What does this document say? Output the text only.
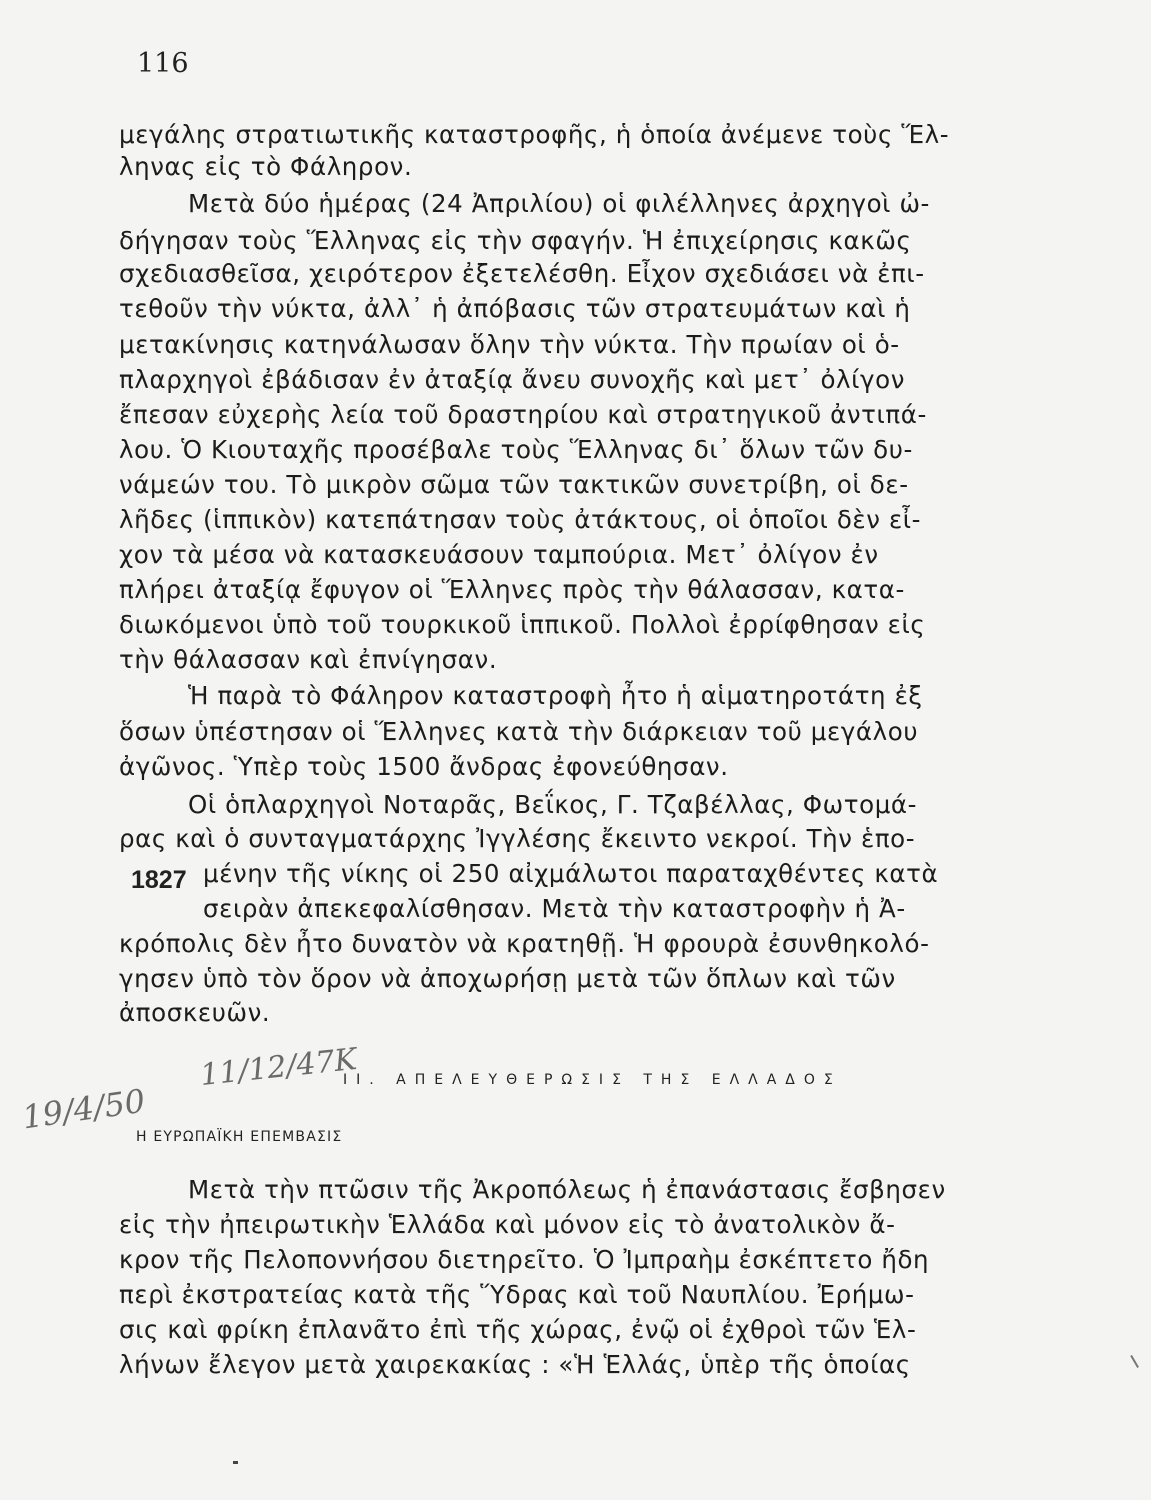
116
μεγάλης στρατιωτικῆς καταστροφῆς, ἡ ὁποία ἀνέμενε τοὺς Ἕλ-
ληνας εἰς τὸ Φάληρον.
Μετὰ δύο ἡμέρας (24 Ἀπριλίου) οἱ φιλέλληνες ἀρχηγοὶ ὠ-
δήγησαν τοὺς Ἕλληνας εἰς τὴν σφαγήν. Ἡ ἐπιχείρησις κακῶς
σχεδιασθεῖσα, χειρότερον ἐξετελέσθη. Εἶχον σχεδιάσει νὰ ἐπι-
τεθοῦν τὴν νύκτα, ἀλλ᾽ ἡ ἀπόβασις τῶν στρατευμάτων καὶ ἡ
μετακίνησις κατηνάλωσαν ὅλην τὴν νύκτα. Τὴν πρωίαν οἱ ὁ-
πλαρχηγοὶ ἐβάδισαν ἐν ἀταξίᾳ ἄνευ συνοχῆς καὶ μετ᾽ ὀλίγον
ἔπεσαν εὐχερὴς λεία τοῦ δραστηρίου καὶ στρατηγικοῦ ἀντιπά-
λου. Ὁ Κιουταχῆς προσέβαλε τοὺς Ἕλληνας δι᾽ ὅλων τῶν δυ-
νάμεών του. Τὸ μικρὸν σῶμα τῶν τακτικῶν συνετρίβη, οἱ δε-
λῆδες (ἱππικὸν) κατεπάτησαν τοὺς ἀτάκτους, οἱ ὁποῖοι δὲν εἶ-
χον τὰ μέσα νὰ κατασκευάσουν ταμπούρια. Μετ᾽ ὀλίγον ἐν
πλήρει ἀταξίᾳ ἔφυγον οἱ Ἕλληνες πρὸς τὴν θάλασσαν, κατα-
διωκόμενοι ὑπὸ τοῦ τουρκικοῦ ἱππικοῦ. Πολλοὶ ἐρρίφθησαν εἰς
τὴν θάλασσαν καὶ ἐπνίγησαν.
Ἡ παρὰ τὸ Φάληρον καταστροφὴ ἦτο ἡ αἱματηροτάτη ἐξ
ὅσων ὑπέστησαν οἱ Ἕλληνες κατὰ τὴν διάρκειαν τοῦ μεγάλου
ἀγῶνος. Ὑπὲρ τοὺς 1500 ἄνδρας ἐφονεύθησαν.
Οἱ ὁπλαρχηγοὶ Νοταρᾶς, Βεΐκος, Γ. Τζαβέλλας, Φωτομά-
ρας καὶ ὁ συνταγματάρχης Ἰγγλέσης ἔκειντο νεκροί. Τὴν ἑπο-
μένην τῆς νίκης οἱ 250 αἰχμάλωτοι παραταχθέντες κατὰ
1827
σειρὰν ἀπεκεφαλίσθησαν. Μετὰ τὴν καταστροφὴν ἡ Ἀ-
κρόπολις δὲν ἦτο δυνατὸν νὰ κρατηθῇ. Ἡ φρουρὰ ἐσυνθηκολό-
γησεν ὑπὸ τὸν ὅρον νὰ ἀποχωρήσῃ μετὰ τῶν ὅπλων καὶ τῶν
ἀποσκευῶν.
11/12/47Κ
II. ΑΠΕΛΕΥΘΕΡΩΣΙΣ ΤΗΣ ΕΛΛΑΔΟΣ
19/4/50
Η ΕΥΡΩΠΑΪΚΗ ΕΠΕΜΒΑΣΙΣ
Μετὰ τὴν πτῶσιν τῆς Ἀκροπόλεως ἡ ἐπανάστασις ἔσβησεν
εἰς τὴν ἠπειρωτικὴν Ἑλλάδα καὶ μόνον εἰς τὸ ἀνατολικὸν ἄ-
κρον τῆς Πελοποννήσου διετηρεῖτο. Ὁ Ἰμπραὴμ ἐσκέπτετο ἤδη
περὶ ἐκστρατείας κατὰ τῆς Ὕδρας καὶ τοῦ Ναυπλίου. Ἐρήμω-
σις καὶ φρίκη ἐπλανᾶτο ἐπὶ τῆς χώρας, ἐνῷ οἱ ἐχθροὶ τῶν Ἑλ-
λήνων ἔλεγον μετὰ χαιρεκακίας : «Ἡ Ἑλλάς, ὑπὲρ τῆς ὁποίας
